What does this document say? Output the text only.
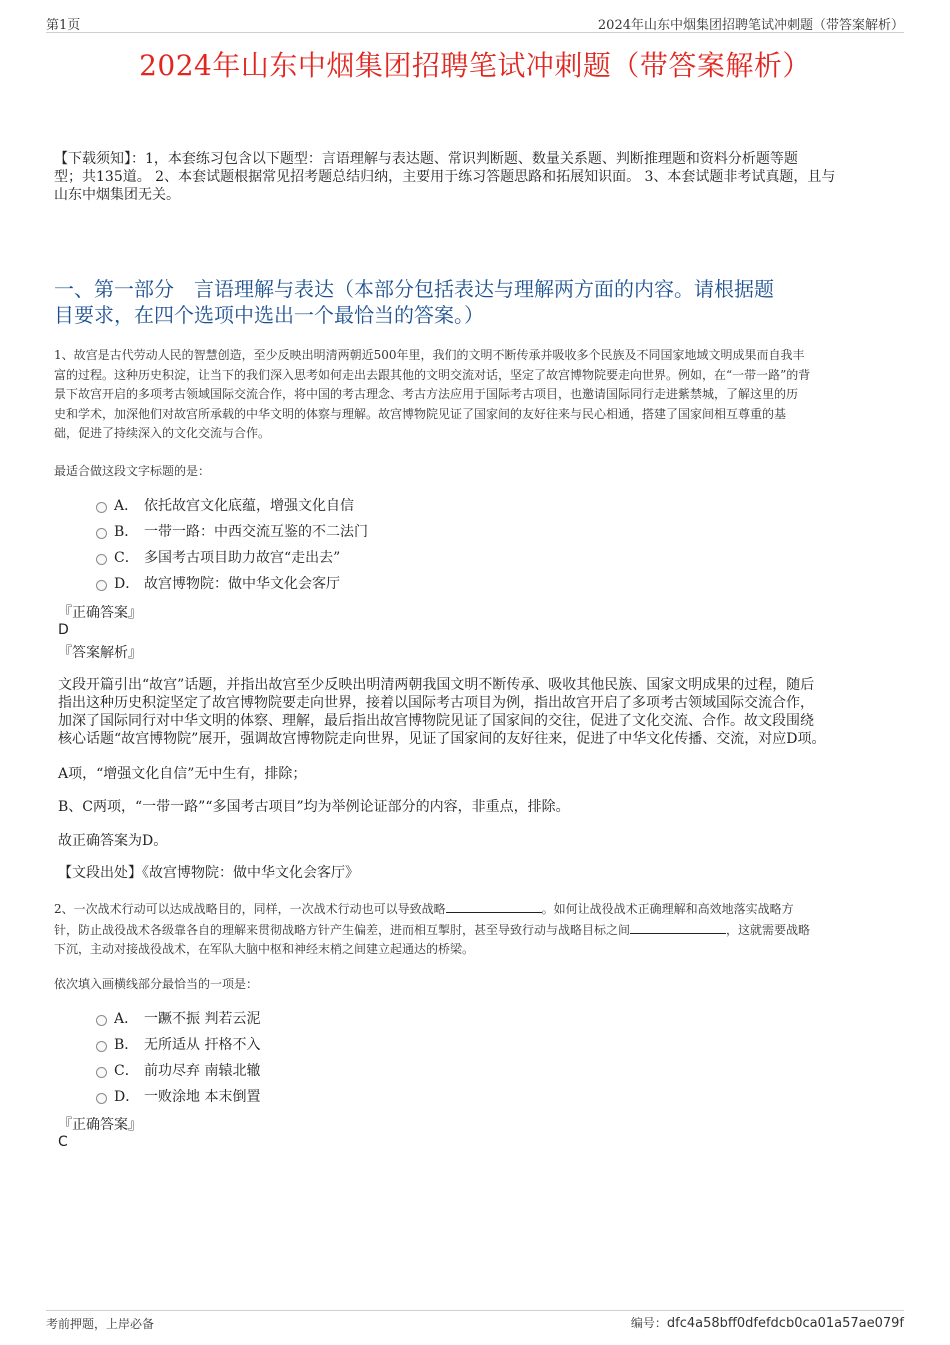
第1页	2024年山东中烟集团招聘笔试冲刺题（带答案解析）
2024年山东中烟集团招聘笔试冲刺题（带答案解析）
【下载须知】：1，本套练习包含以下题型：言语理解与表达题、常识判断题、数量关系题、判断推理题和资料分析题等题
型；共135道。 2、本套试题根据常见招考题总结归纳，主要用于练习答题思路和拓展知识面。 3、本套试题非考试真题，且与
山东中烟集团无关。
一、第一部分　言语理解与表达（本部分包括表达与理解两方面的内容。请根据题
目要求，在四个选项中选出一个最恰当的答案。）
1、故宫是古代劳动人民的智慧创造，至少反映出明清两朝近500年里，我们的文明不断传承并吸收多个民族及不同国家地域文明成果而自我丰
富的过程。这种历史积淀，让当下的我们深入思考如何走出去跟其他的文明交流对话，坚定了故宫博物院要走向世界。例如，在“一带一路”的背
景下故宫开启的多项考古领域国际交流合作，将中国的考古理念、考古方法应用于国际考古项目，也邀请国际同行走进紫禁城，了解这里的历
史和学术，加深他们对故宫所承载的中华文明的体察与理解。故宫博物院见证了国家间的友好往来与民心相通，搭建了国家间相互尊重的基
础，促进了持续深入的文化交流与合作。
最适合做这段文字标题的是：
A． 依托故宫文化底蕴，增强文化自信
B． 一带一路：中西交流互鉴的不二法门
C． 多国考古项目助力故宫“走出去”
D． 故宫博物院：做中华文化会客厅
『正确答案』
D
『答案解析』
文段开篇引出“故宫”话题，并指出故宫至少反映出明清两朝我国文明不断传承、吸收其他民族、国家文明成果的过程，随后
指出这种历史积淀坚定了故宫博物院要走向世界，接着以国际考古项目为例，指出故宫开启了多项考古领域国际交流合作，
加深了国际同行对中华文明的体察、理解，最后指出故宫博物院见证了国家间的交往，促进了文化交流、合作。故文段围绕
核心话题“故宫博物院”展开，强调故宫博物院走向世界，见证了国家间的友好往来，促进了中华文化传播、交流，对应D项。
A项，“增强文化自信”无中生有，排除；
B、C两项，“一带一路”“多国考古项目”均为举例论证部分的内容，非重点，排除。
故正确答案为D。
【文段出处】《故宫博物院：做中华文化会客厅》
2、一次战术行动可以达成战略目的，同样，一次战术行动也可以导致战略	。如何让战役战术正确理解和高效地落实战略方
针，防止战役战术各级靠各自的理解来贯彻战略方针产生偏差，进而相互掣肘，甚至导致行动与战略目标之间	，这就需要战略
下沉，主动对接战役战术，在军队大脑中枢和神经末梢之间建立起通达的桥梁。
依次填入画横线部分最恰当的一项是：
A． 一蹶不振 判若云泥
B． 无所适从 扞格不入
C． 前功尽弃 南辕北辙
D． 一败涂地 本末倒置
『正确答案』
C
考前押题，上岸必备	编号：dfc4a58bff0dfefdcb0ca01a57ae079f
